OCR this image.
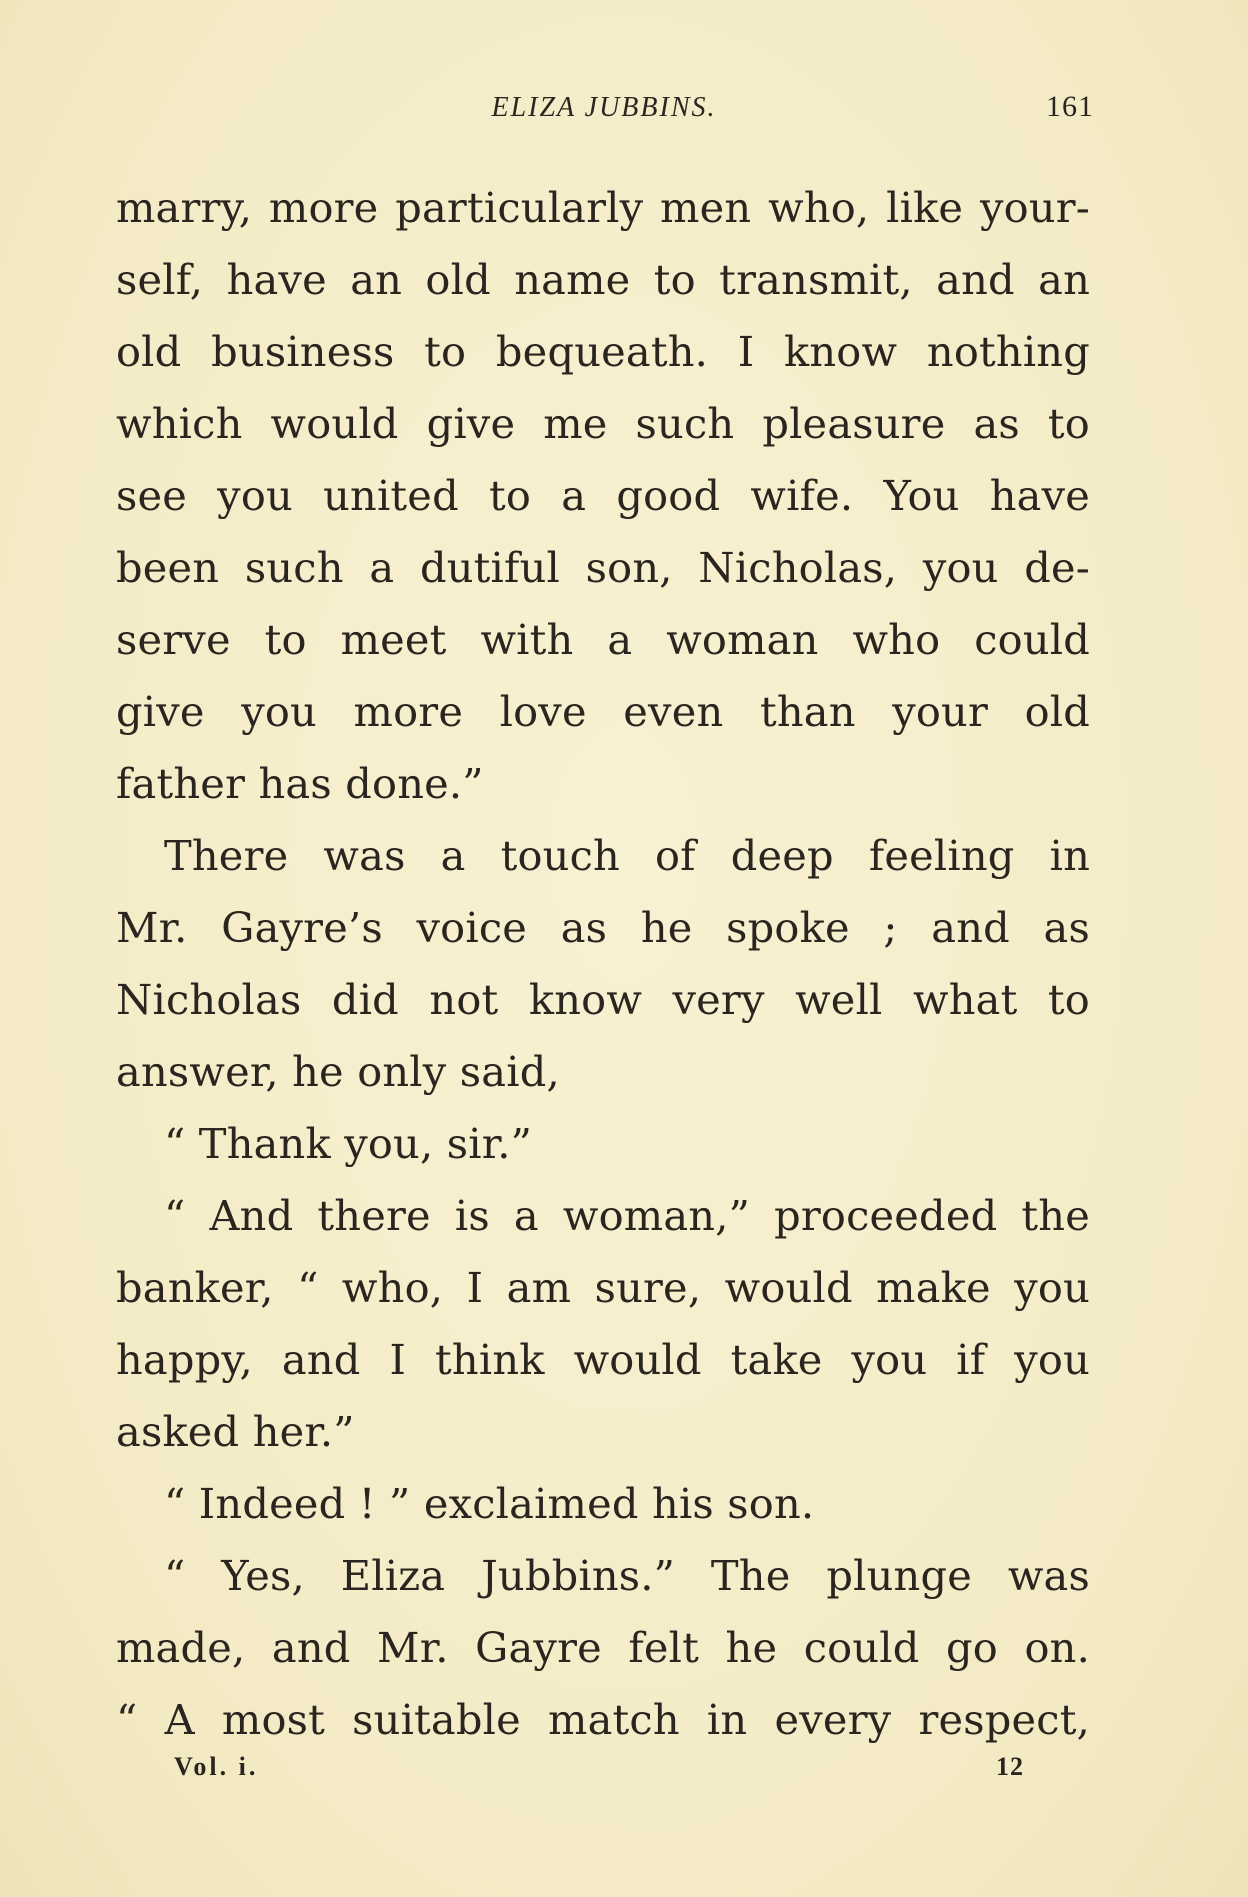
ELIZA JUBBINS.	161
marry, more particularly men who, like your-
self, have an old name to transmit, and an
old business to bequeath. I know nothing
which would give me such pleasure as to
see you united to a good wife. You have
been such a dutiful son, Nicholas, you de-
serve to meet with a woman who could
give you more love even than your old
father has done.”
There was a touch of deep feeling in
Mr. Gayre’s voice as he spoke ; and as
Nicholas did not know very well what to
answer, he only said,
“ Thank you, sir.”
“ And there is a woman,” proceeded the
banker, “ who, I am sure, would make you
happy, and I think would take you if you
asked her.”
“ Indeed ! ” exclaimed his son.
“ Yes, Eliza Jubbins.” The plunge was
made, and Mr. Gayre felt he could go on.
“ A most suitable match in every respect,
Vol. i.	12
